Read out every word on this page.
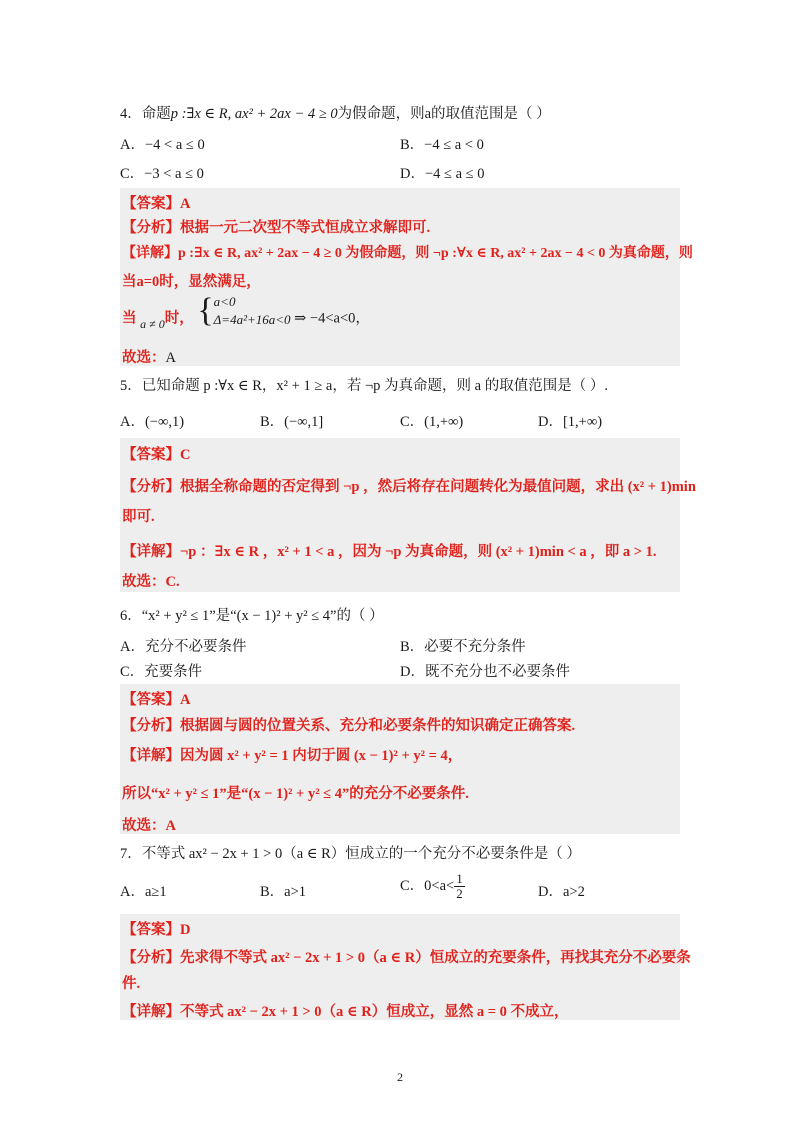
4．命题p :∃x ∈ R, ax² + 2ax − 4 ≥ 0为假命题，则a的取值范围是（ ）
A．−4 < a ≤ 0	B．−4 ≤ a < 0
C．−3 < a ≤ 0	D．−4 ≤ a ≤ 0
【答案】A
【分析】根据一元二次型不等式恒成立求解即可.
【详解】p :∃x ∈ R, ax² + 2ax − 4 ≥ 0 为假命题，则 ¬p :∀x ∈ R, ax² + 2ax − 4 < 0 为真命题，则
当a=0时，显然满足，
当 $_{a \ne 0}$时， {a<0
Δ=4a²+16a<0 ⇒ −4<a<0，
故选：A
5．已知命题 p :∀x ∈ R，x² + 1 ≥ a，若 ¬p 为真命题，则 a 的取值范围是（ ）.
A．(−∞,1)	B．(−∞,1]	C．(1,+∞)	D．[1,+∞)
【答案】C
【分析】根据全称命题的否定得到 ¬p ，然后将存在问题转化为最值问题，求出 (x² + 1)min
即可.
【详解】¬p ：∃x ∈ R ，x² + 1 < a ，因为 ¬p 为真命题，则 (x² + 1)min < a ，即 a > 1.
故选：C.
6．“x² + y² ≤ 1”是“(x − 1)² + y² ≤ 4”的（ ）
A．充分不必要条件	B．必要不充分条件
C．充要条件	D．既不充分也不必要条件
【答案】A
【分析】根据圆与圆的位置关系、充分和必要条件的知识确定正确答案.
【详解】因为圆 x² + y² = 1 内切于圆 (x − 1)² + y² = 4，
所以“x² + y² ≤ 1”是“(x − 1)² + y² ≤ 4”的充分不必要条件.
故选：A
7．不等式 ax² − 2x + 1 > 0（a ∈ R）恒成立的一个充分不必要条件是（ ）
A．a≥1	B．a>1	C．$0<a< \frac{1}{2}$	D．a>2
【答案】D
【分析】先求得不等式 ax² − 2x + 1 > 0（a ∈ R）恒成立的充要条件，再找其充分不必要条
件.
【详解】不等式 ax² − 2x + 1 > 0（a ∈ R）恒成立，显然 a = 0 不成立，
2
